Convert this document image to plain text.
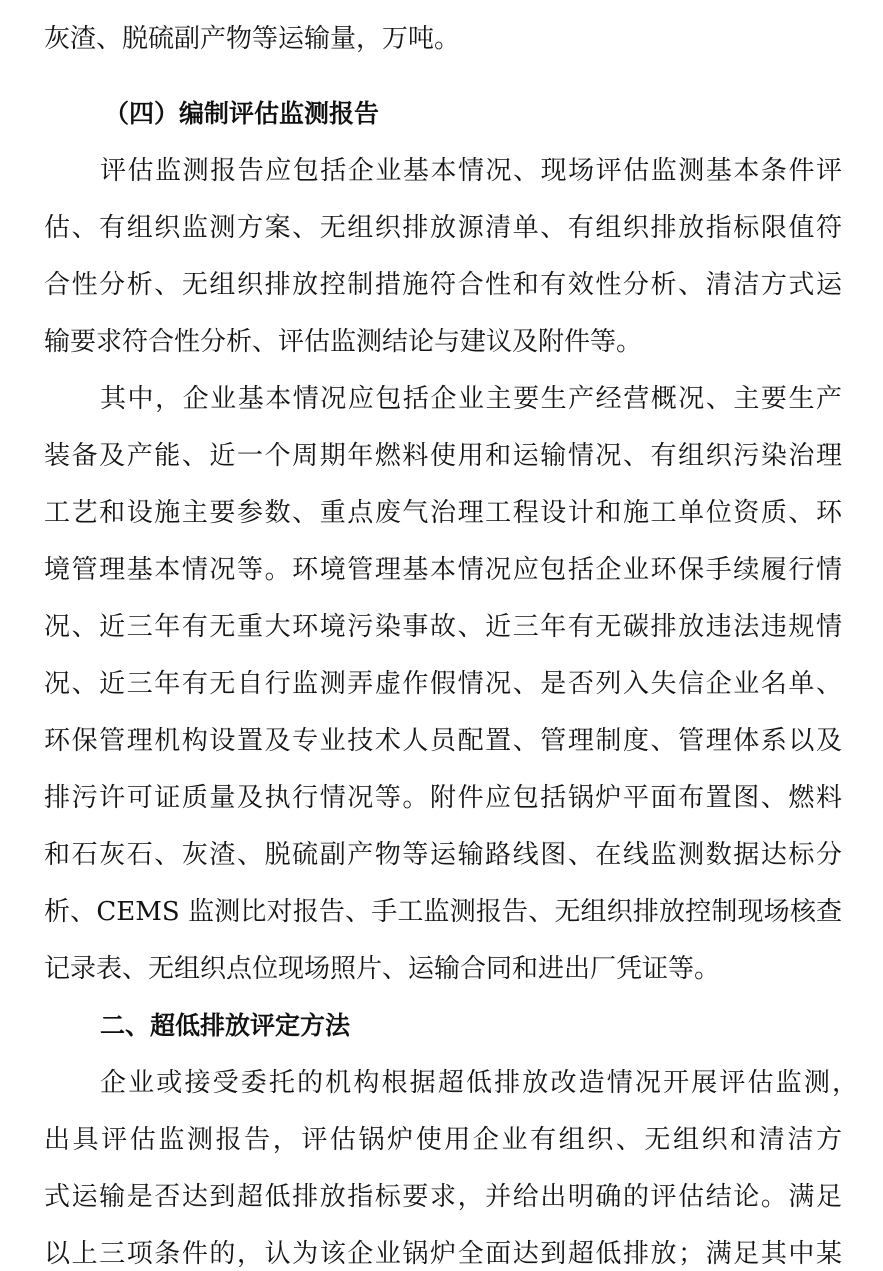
灰渣、脱硫副产物等运输量，万吨。
（四）编制评估监测报告
评估监测报告应包括企业基本情况、现场评估监测基本条件评
估、有组织监测方案、无组织排放源清单、有组织排放指标限值符
合性分析、无组织排放控制措施符合性和有效性分析、清洁方式运
输要求符合性分析、评估监测结论与建议及附件等。
其中，企业基本情况应包括企业主要生产经营概况、主要生产
装备及产能、近一个周期年燃料使用和运输情况、有组织污染治理
工艺和设施主要参数、重点废气治理工程设计和施工单位资质、环
境管理基本情况等。环境管理基本情况应包括企业环保手续履行情
况、近三年有无重大环境污染事故、近三年有无碳排放违法违规情
况、近三年有无自行监测弄虚作假情况、是否列入失信企业名单、
环保管理机构设置及专业技术人员配置、管理制度、管理体系以及
排污许可证质量及执行情况等。附件应包括锅炉平面布置图、燃料
和石灰石、灰渣、脱硫副产物等运输路线图、在线监测数据达标分
析、CEMS 监测比对报告、手工监测报告、无组织排放控制现场核查
记录表、无组织点位现场照片、运输合同和进出厂凭证等。
二、超低排放评定方法
企业或接受委托的机构根据超低排放改造情况开展评估监测，
出具评估监测报告，评估锅炉使用企业有组织、无组织和清洁方
式运输是否达到超低排放指标要求，并给出明确的评估结论。满足
以上三项条件的，认为该企业锅炉全面达到超低排放；满足其中某
